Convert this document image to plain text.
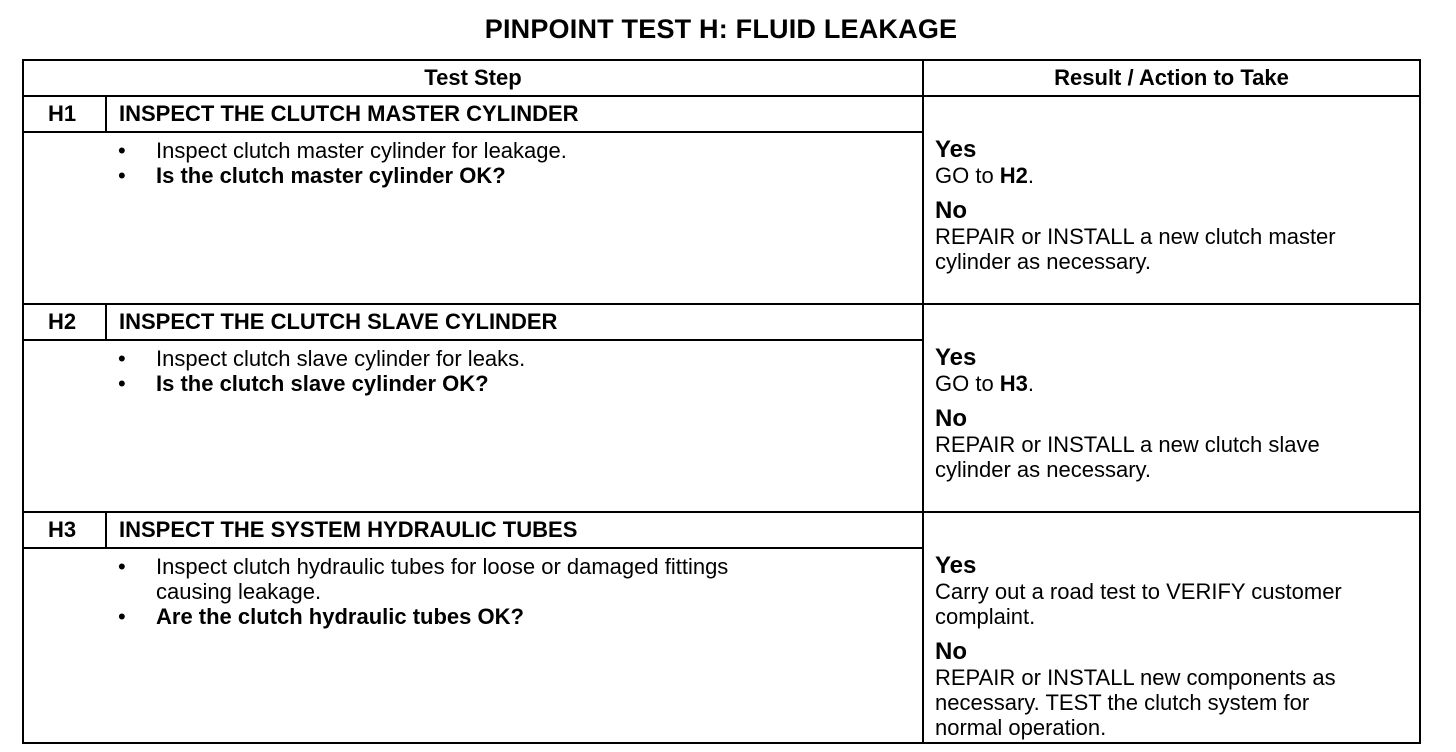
PINPOINT TEST H: FLUID LEAKAGE
Test Step	Result / Action to Take
H1 INSPECT THE CLUTCH MASTER CYLINDER
• Inspect clutch master cylinder for leakage.
• Is the clutch master cylinder OK?
Yes
GO to H2.
No
REPAIR or INSTALL a new clutch master
cylinder as necessary.
H2 INSPECT THE CLUTCH SLAVE CYLINDER
• Inspect clutch slave cylinder for leaks.
• Is the clutch slave cylinder OK?
Yes
GO to H3.
No
REPAIR or INSTALL a new clutch slave
cylinder as necessary.
H3 INSPECT THE SYSTEM HYDRAULIC TUBES
• Inspect clutch hydraulic tubes for loose or damaged fittings
causing leakage.
• Are the clutch hydraulic tubes OK?
Yes
Carry out a road test to VERIFY customer
complaint.
No
REPAIR or INSTALL new components as
necessary. TEST the clutch system for
normal operation.
